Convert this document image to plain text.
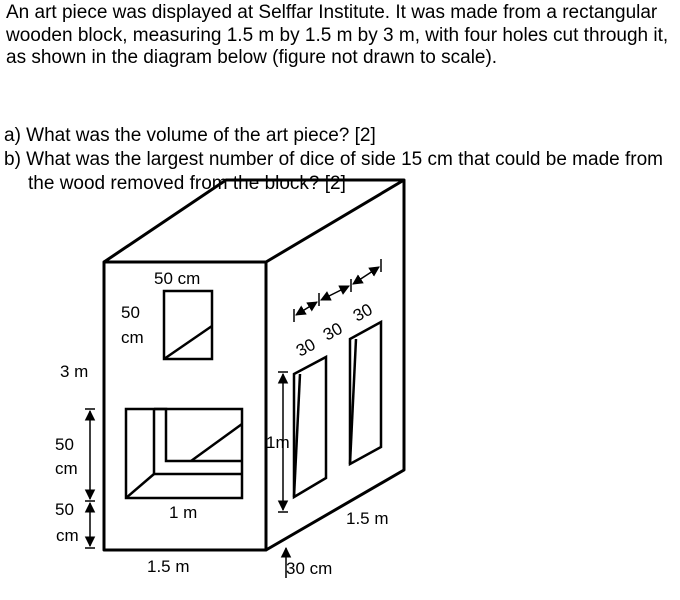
An art piece was displayed at Selffar Institute. It was made from a rectangular wooden block, measuring 1.5 m by 1.5 m by 3 m, with four holes cut through it, as shown in the diagram below (figure not drawn to scale).

a) What was the volume of the art piece? [2]

b) What was the largest number of dice of side 15 cm that could be made from the wood removed from the block? [2]

50 cm
50
cm
3 m
50
cm
50
cm
1 m
1.5 m
1.5 m
1m
30 cm
30
30
30
